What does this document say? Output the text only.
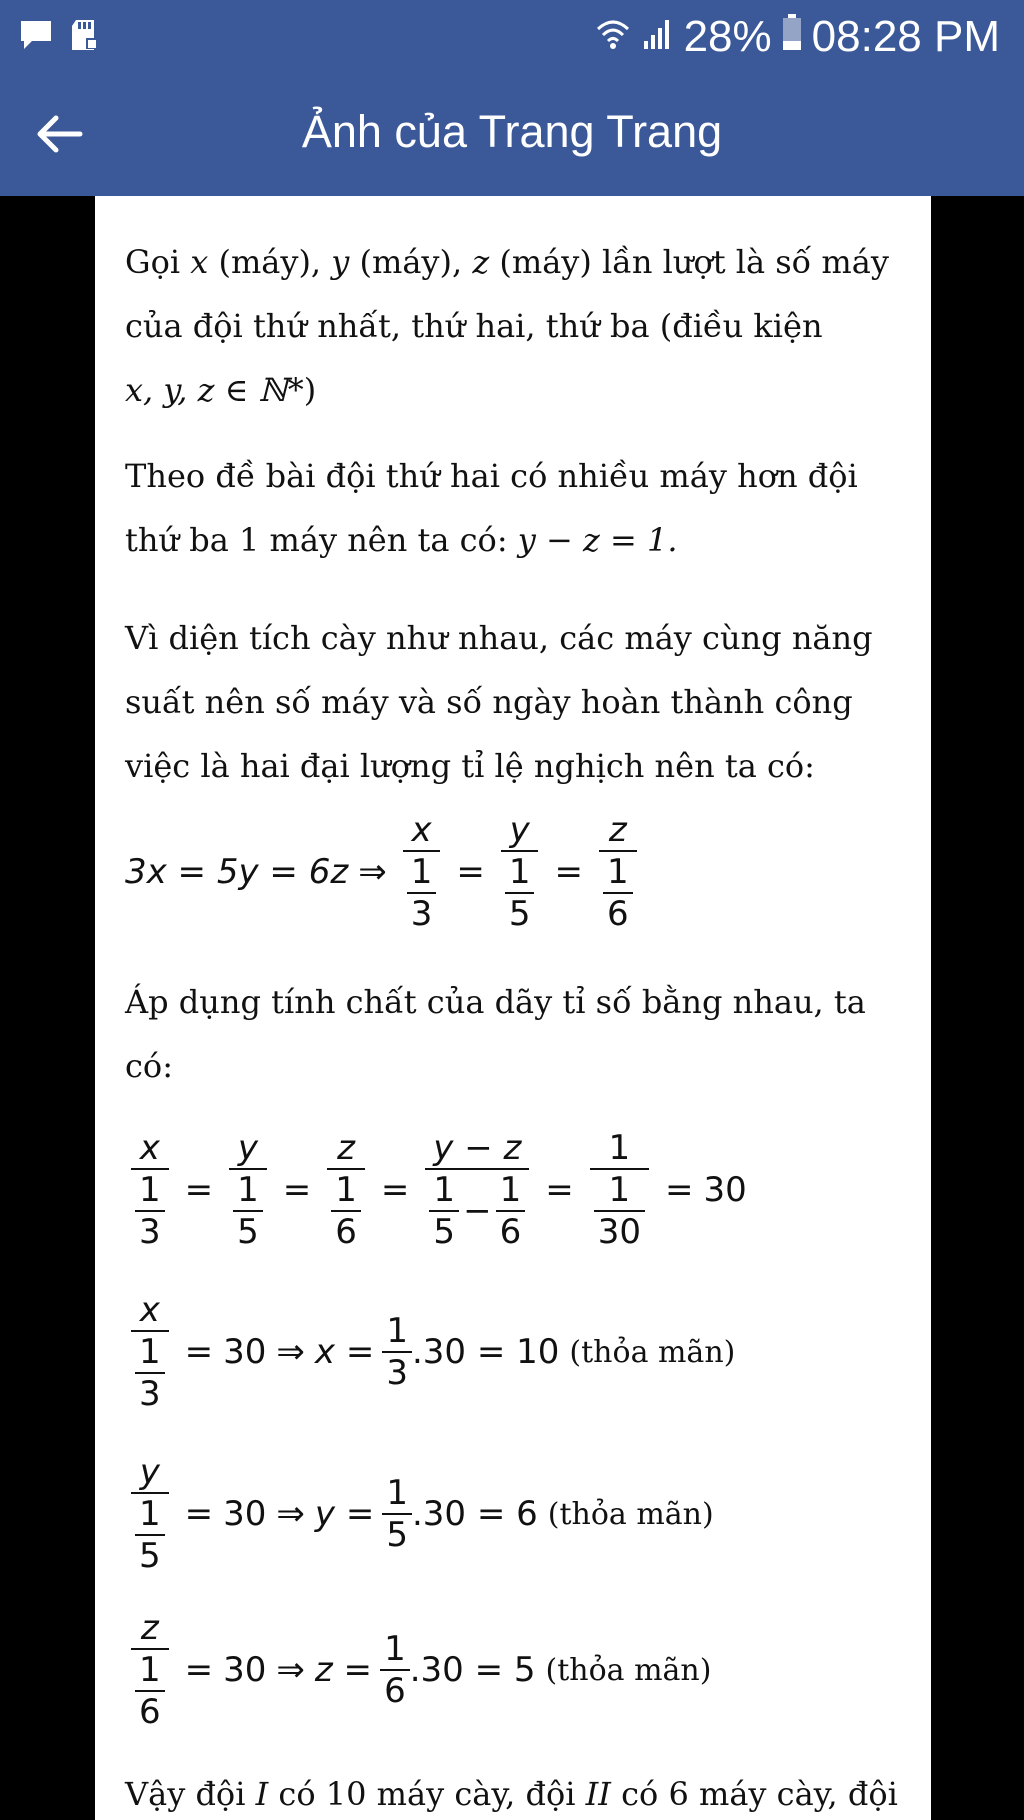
28% 08:28 PM
Ảnh của Trang Trang
Gọi x (máy), y (máy), z (máy) lần lượt là số máy
của đội thứ nhất, thứ hai, thứ ba (điều kiện
x, y, z ∈ ℕ*)
Theo đề bài đội thứ hai có nhiều máy hơn đội
thứ ba 1 máy nên ta có: y − z = 1.
Vì diện tích cày như nhau, các máy cùng năng
suất nên số máy và số ngày hoàn thành công
việc là hai đại lượng tỉ lệ nghịch nên ta có:
3x = 5y = 6z ⇒ $\frac{x}{\frac{1}{3}} = \frac{y}{\frac{1}{5}} = \frac{z}{\frac{1}{6}}$
Áp dụng tính chất của dãy tỉ số bằng nhau, ta
có:
$\frac{x}{\frac{1}{3}} = \frac{y}{\frac{1}{5}} = \frac{z}{\frac{1}{6}} = \frac{y - z}{\frac{1}{5} - \frac{1}{6}} = \frac{1}{\frac{1}{30}} = 30$
$\frac{x}{\frac{1}{3}} = 30$ ⇒ $x = \frac{1}{3} .30 = 10$ (thỏa mãn)
$\frac{y}{\frac{1}{5}} = 30$ ⇒ $y = \frac{1}{5} .30 = 6$ (thỏa mãn)
$\frac{z}{\frac{1}{6}} = 30$ ⇒ $z = \frac{1}{6} .30 = 5$ (thỏa mãn)
Vậy đội I có 10 máy cày, đội II có 6 máy cày, đội
